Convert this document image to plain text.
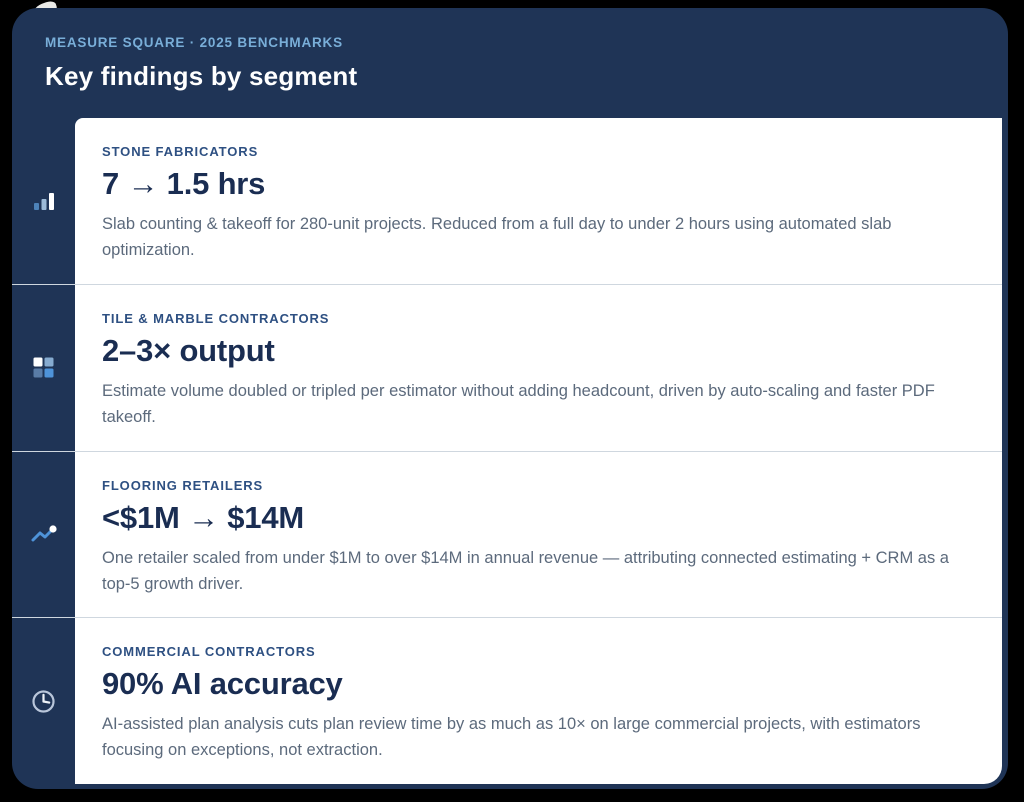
MEASURE SQUARE · 2025 BENCHMARKS
Key findings by segment
STONE FABRICATORS
7 → 1.5 hrs
Slab counting & takeoff for 280-unit projects. Reduced from a full day to under 2 hours using automated slab optimization.
TILE & MARBLE CONTRACTORS
2–3× output
Estimate volume doubled or tripled per estimator without adding headcount, driven by auto-scaling and faster PDF takeoff.
FLOORING RETAILERS
<$1M → $14M
One retailer scaled from under $1M to over $14M in annual revenue — attributing connected estimating + CRM as a top-5 growth driver.
COMMERCIAL CONTRACTORS
90% AI accuracy
AI-assisted plan analysis cuts plan review time by as much as 10× on large commercial projects, with estimators focusing on exceptions, not extraction.
